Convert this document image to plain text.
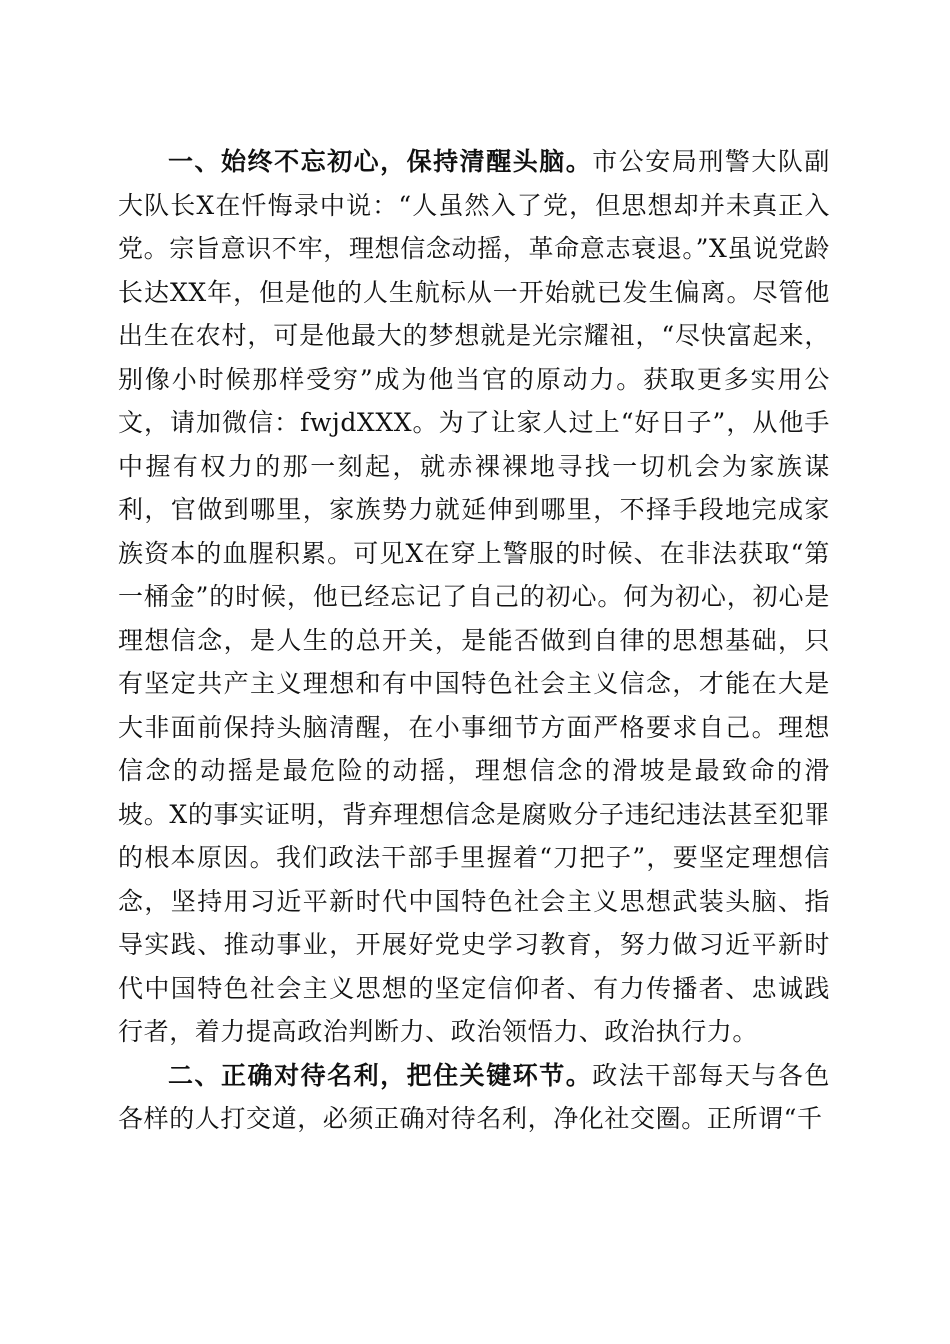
一、始终不忘初心，保持清醒头脑。市公安局刑警大队副大队长X在忏悔录中说：“人虽然入了党，但思想却并未真正入党。宗旨意识不牢，理想信念动摇，革命意志衰退。”X虽说党龄长达XX年，但是他的人生航标从一开始就已发生偏离。尽管他出生在农村，可是他最大的梦想就是光宗耀祖，“尽快富起来，别像小时候那样受穷”成为他当官的原动力。获取更多实用公文，请加微信：fwjdXXX。为了让家人过上“好日子”，从他手中握有权力的那一刻起，就赤裸裸地寻找一切机会为家族谋利，官做到哪里，家族势力就延伸到哪里，不择手段地完成家族资本的血腥积累。可见X在穿上警服的时候、在非法获取“第一桶金”的时候，他已经忘记了自己的初心。何为初心，初心是理想信念，是人生的总开关，是能否做到自律的思想基础，只有坚定共产主义理想和有中国特色社会主义信念，才能在大是大非面前保持头脑清醒，在小事细节方面严格要求自己。理想信念的动摇是最危险的动摇，理想信念的滑坡是最致命的滑坡。X的事实证明，背弃理想信念是腐败分子违纪违法甚至犯罪的根本原因。我们政法干部手里握着“刀把子”，要坚定理想信念，坚持用习近平新时代中国特色社会主义思想武装头脑、指导实践、推动事业，开展好党史学习教育，努力做习近平新时代中国特色社会主义思想的坚定信仰者、有力传播者、忠诚践行者，着力提高政治判断力、政治领悟力、政治执行力。

二、正确对待名利，把住关键环节。政法干部每天与各色各样的人打交道，必须正确对待名利，净化社交圈。正所谓“千
